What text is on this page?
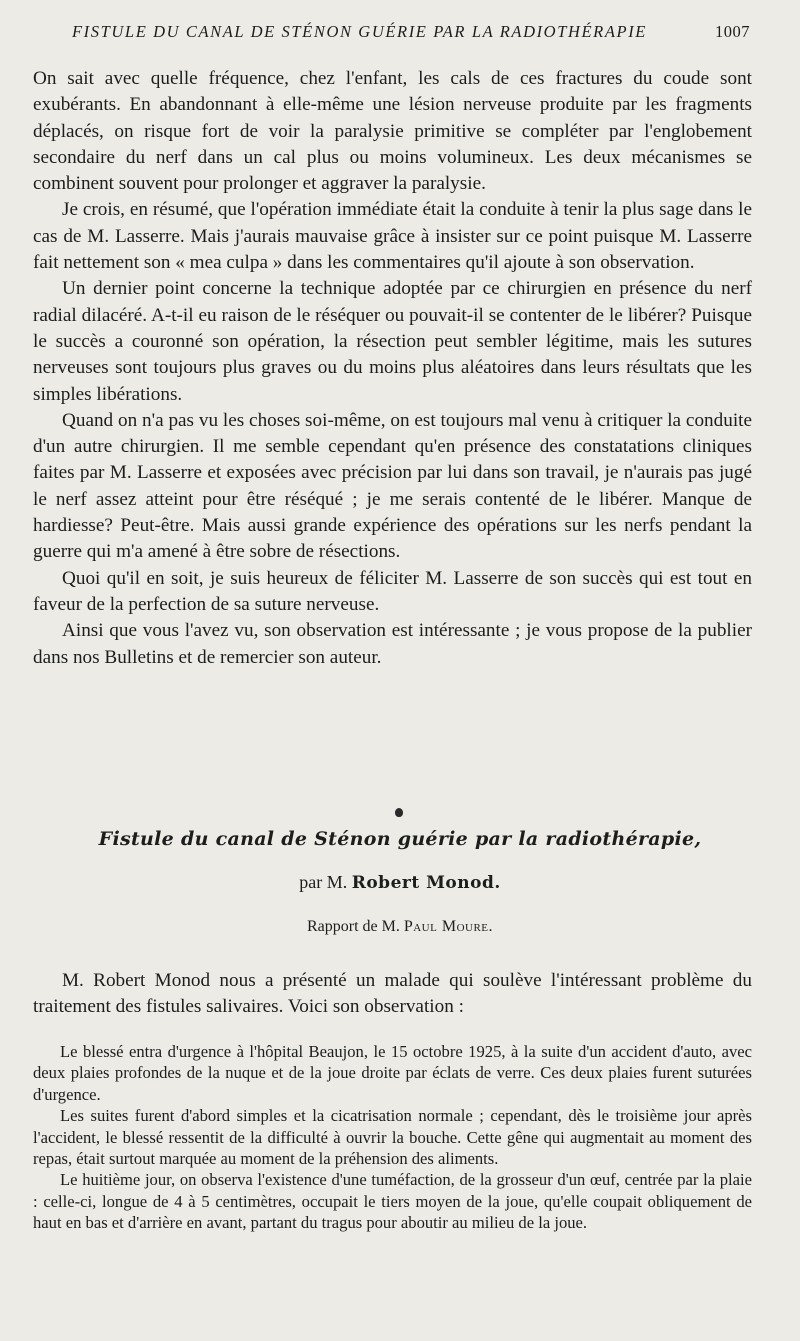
FISTULE DU CANAL DE STÉNON GUÉRIE PAR LA RADIOTHÉRAPIE	1007

On sait avec quelle fréquence, chez l'enfant, les cals de ces fractures du coude sont exubérants. En abandonnant à elle-même une lésion nerveuse produite par les fragments déplacés, on risque fort de voir la paralysie primitive se compléter par l'englobement secondaire du nerf dans un cal plus ou moins volumineux. Les deux mécanismes se combinent souvent pour prolonger et aggraver la paralysie.

Je crois, en résumé, que l'opération immédiate était la conduite à tenir la plus sage dans le cas de M. Lasserre. Mais j'aurais mauvaise grâce à insister sur ce point puisque M. Lasserre fait nettement son « mea culpa » dans les commentaires qu'il ajoute à son observation.

Un dernier point concerne la technique adoptée par ce chirurgien en présence du nerf radial dilacéré. A-t-il eu raison de le réséquer ou pouvait-il se contenter de le libérer? Puisque le succès a couronné son opération, la résection peut sembler légitime, mais les sutures nerveuses sont toujours plus graves ou du moins plus aléatoires dans leurs résultats que les simples libérations.

Quand on n'a pas vu les choses soi-même, on est toujours mal venu à critiquer la conduite d'un autre chirurgien. Il me semble cependant qu'en présence des constatations cliniques faites par M. Lasserre et exposées avec précision par lui dans son travail, je n'aurais pas jugé le nerf assez atteint pour être réséqué ; je me serais contenté de le libérer. Manque de hardiesse? Peut-être. Mais aussi grande expérience des opérations sur les nerfs pendant la guerre qui m'a amené à être sobre de résections.

Quoi qu'il en soit, je suis heureux de féliciter M. Lasserre de son succès qui est tout en faveur de la perfection de sa suture nerveuse.

Ainsi que vous l'avez vu, son observation est intéressante ; je vous propose de la publier dans nos Bulletins et de remercier son auteur.

Fistule du canal de Sténon guérie par la radiothérapie,
par M. Robert Monod.
Rapport de M. Paul Moure.

M. Robert Monod nous a présenté un malade qui soulève l'intéressant problème du traitement des fistules salivaires. Voici son observation :

Le blessé entra d'urgence à l'hôpital Beaujon, le 15 octobre 1925, à la suite d'un accident d'auto, avec deux plaies profondes de la nuque et de la joue droite par éclats de verre. Ces deux plaies furent suturées d'urgence.

Les suites furent d'abord simples et la cicatrisation normale ; cependant, dès le troisième jour après l'accident, le blessé ressentit de la difficulté à ouvrir la bouche. Cette gêne qui augmentait au moment des repas, était surtout marquée au moment de la préhension des aliments.

Le huitième jour, on observa l'existence d'une tuméfaction, de la grosseur d'un œuf, centrée par la plaie : celle-ci, longue de 4 à 5 centimètres, occupait le tiers moyen de la joue, qu'elle coupait obliquement de haut en bas et d'arrière en avant, partant du tragus pour aboutir au milieu de la joue.
